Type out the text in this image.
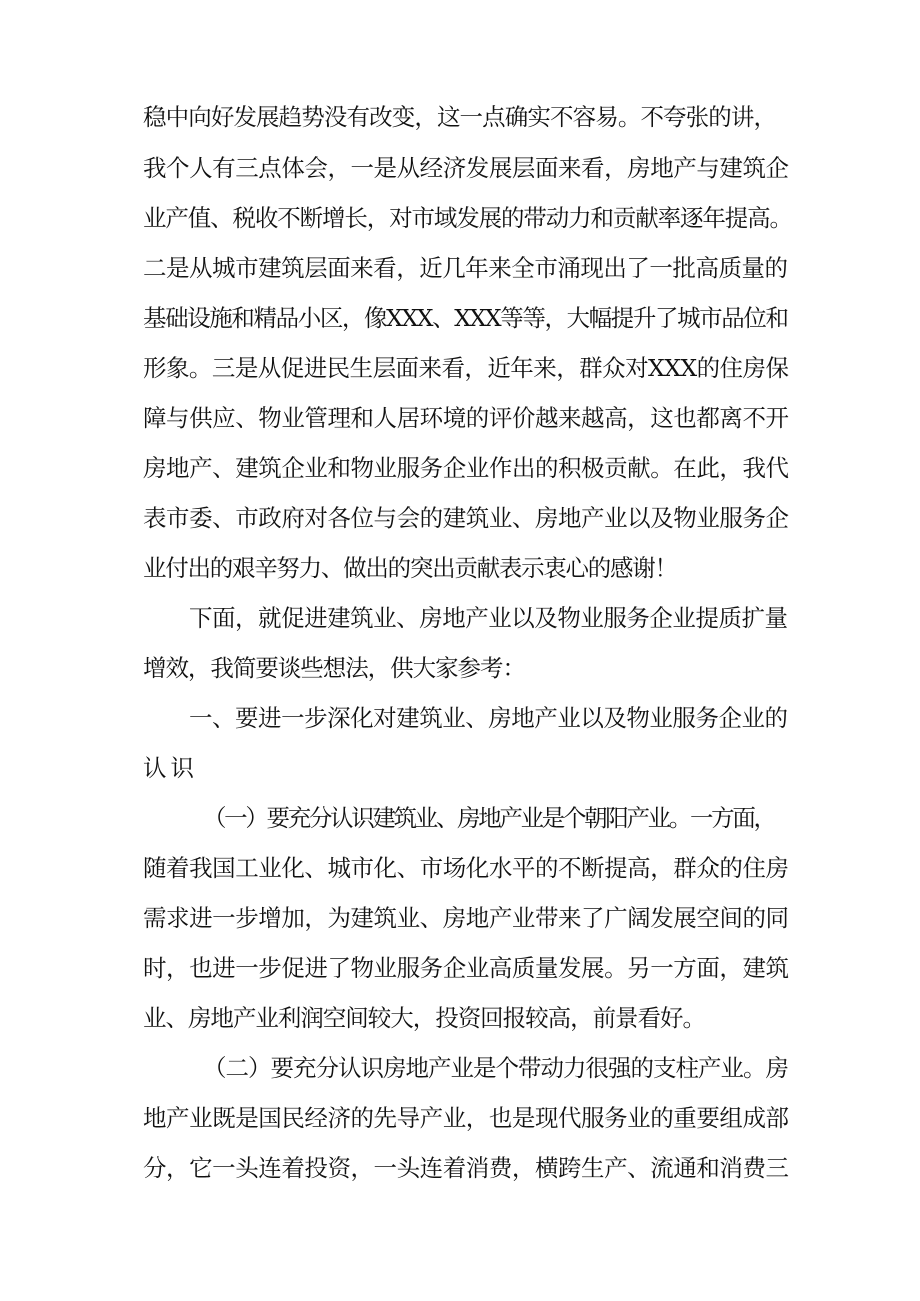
稳中向好发展趋势没有改变，这一点确实不容易。不夸张的讲，
我个人有三点体会，一是从经济发展层面来看，房地产与建筑企
业产值、税收不断增长，对市域发展的带动力和贡献率逐年提高。
二是从城市建筑层面来看，近几年来全市涌现出了一批高质量的
基础设施和精品小区，像XXX、XXX等等，大幅提升了城市品位和
形象。三是从促进民生层面来看，近年来，群众对XXX的住房保
障与供应、物业管理和人居环境的评价越来越高，这也都离不开
房地产、建筑企业和物业服务企业作出的积极贡献。在此，我代
表市委、市政府对各位与会的建筑业、房地产业以及物业服务企
业付出的艰辛努力、做出的突出贡献表示衷心的感谢！
下面，就促进建筑业、房地产业以及物业服务企业提质扩量
增效，我简要谈些想法，供大家参考：
一、要进一步深化对建筑业、房地产业以及物业服务企业的
认识
（一）要充分认识建筑业、房地产业是个朝阳产业。一方面，
随着我国工业化、城市化、市场化水平的不断提高，群众的住房
需求进一步增加，为建筑业、房地产业带来了广阔发展空间的同
时，也进一步促进了物业服务企业高质量发展。另一方面，建筑
业、房地产业利润空间较大，投资回报较高，前景看好。
（二）要充分认识房地产业是个带动力很强的支柱产业。房
地产业既是国民经济的先导产业，也是现代服务业的重要组成部
分，它一头连着投资，一头连着消费，横跨生产、流通和消费三
